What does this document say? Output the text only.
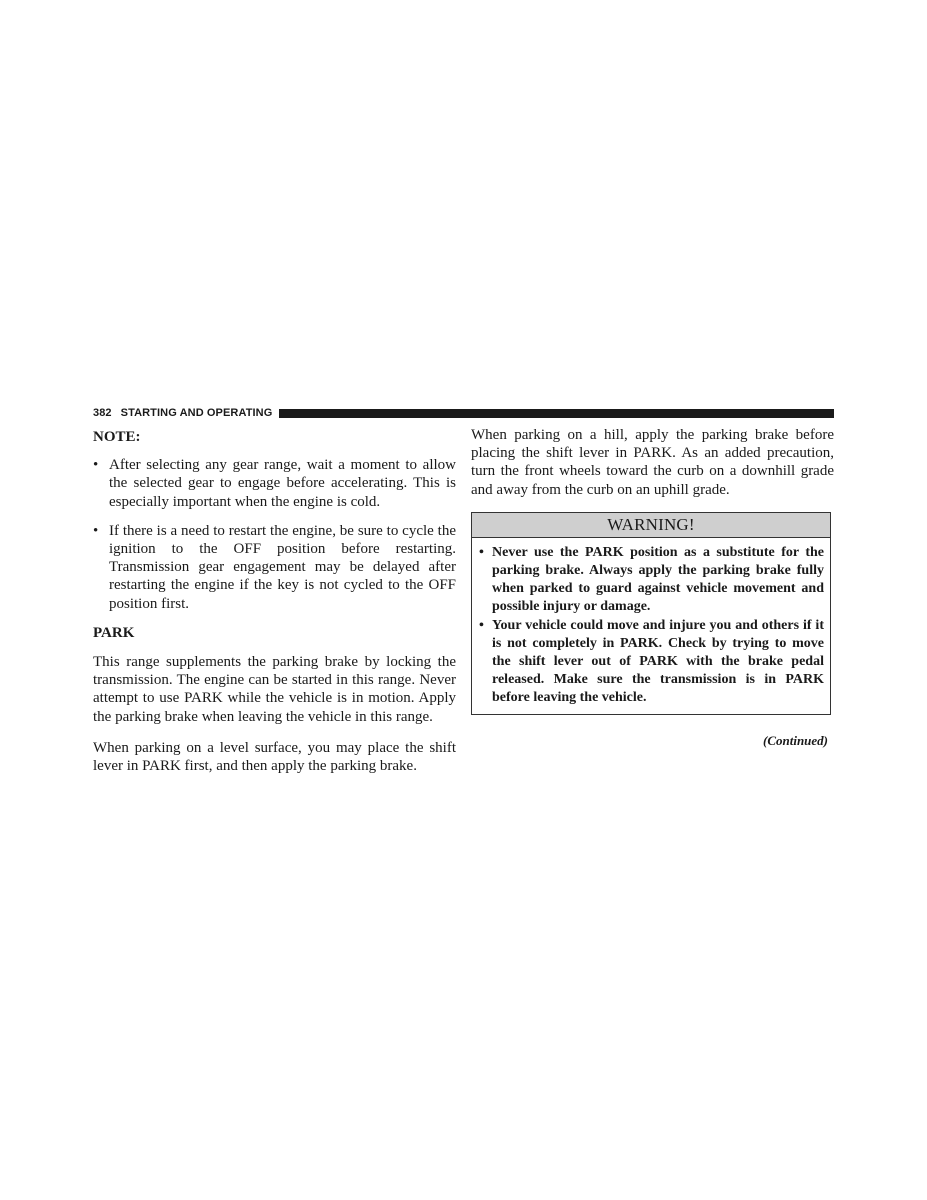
382 STARTING AND OPERATING

NOTE:

• After selecting any gear range, wait a moment to allow the selected gear to engage before accelerating. This is especially important when the engine is cold.
• If there is a need to restart the engine, be sure to cycle the ignition to the OFF position before restarting. Transmission gear engagement may be delayed after restarting the engine if the key is not cycled to the OFF position first.

PARK

This range supplements the parking brake by locking the transmission. The engine can be started in this range. Never attempt to use PARK while the vehicle is in motion. Apply the parking brake when leaving the vehicle in this range.

When parking on a level surface, you may place the shift lever in PARK first, and then apply the parking brake.

When parking on a hill, apply the parking brake before placing the shift lever in PARK. As an added precaution, turn the front wheels toward the curb on a downhill grade and away from the curb on an uphill grade.

WARNING!
• Never use the PARK position as a substitute for the parking brake. Always apply the parking brake fully when parked to guard against vehicle movement and possible injury or damage.
• Your vehicle could move and injure you and others if it is not completely in PARK. Check by trying to move the shift lever out of PARK with the brake pedal released. Make sure the transmission is in PARK before leaving the vehicle.

(Continued)
